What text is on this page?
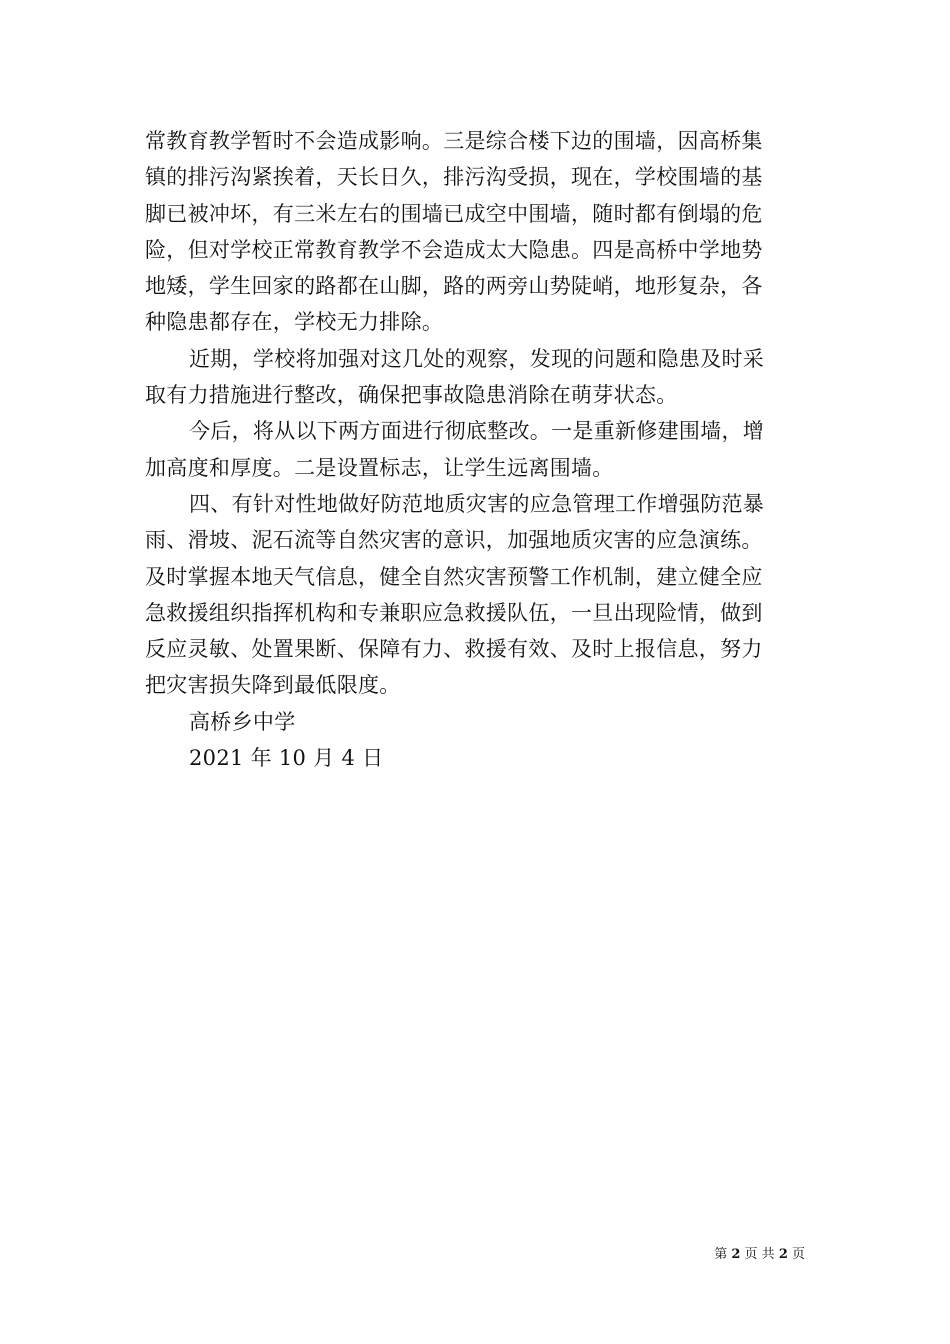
常教育教学暂时不会造成影响。三是综合楼下边的围墙，因高桥集
镇的排污沟紧挨着，天长日久，排污沟受损，现在，学校围墙的基
脚已被冲坏，有三米左右的围墙已成空中围墙，随时都有倒塌的危
险，但对学校正常教育教学不会造成太大隐患。四是高桥中学地势
地矮，学生回家的路都在山脚，路的两旁山势陡峭，地形复杂，各
种隐患都存在，学校无力排除。
近期，学校将加强对这几处的观察，发现的问题和隐患及时采
取有力措施进行整改，确保把事故隐患消除在萌芽状态。
今后，将从以下两方面进行彻底整改。一是重新修建围墙，增
加高度和厚度。二是设置标志，让学生远离围墙。
四、有针对性地做好防范地质灾害的应急管理工作增强防范暴
雨、滑坡、泥石流等自然灾害的意识，加强地质灾害的应急演练。
及时掌握本地天气信息，健全自然灾害预警工作机制，建立健全应
急救援组织指挥机构和专兼职应急救援队伍，一旦出现险情，做到
反应灵敏、处置果断、保障有力、救援有效、及时上报信息，努力
把灾害损失降到最低限度。
高桥乡中学
2021 年 10 月 4 日
第 2 页 共 2 页
